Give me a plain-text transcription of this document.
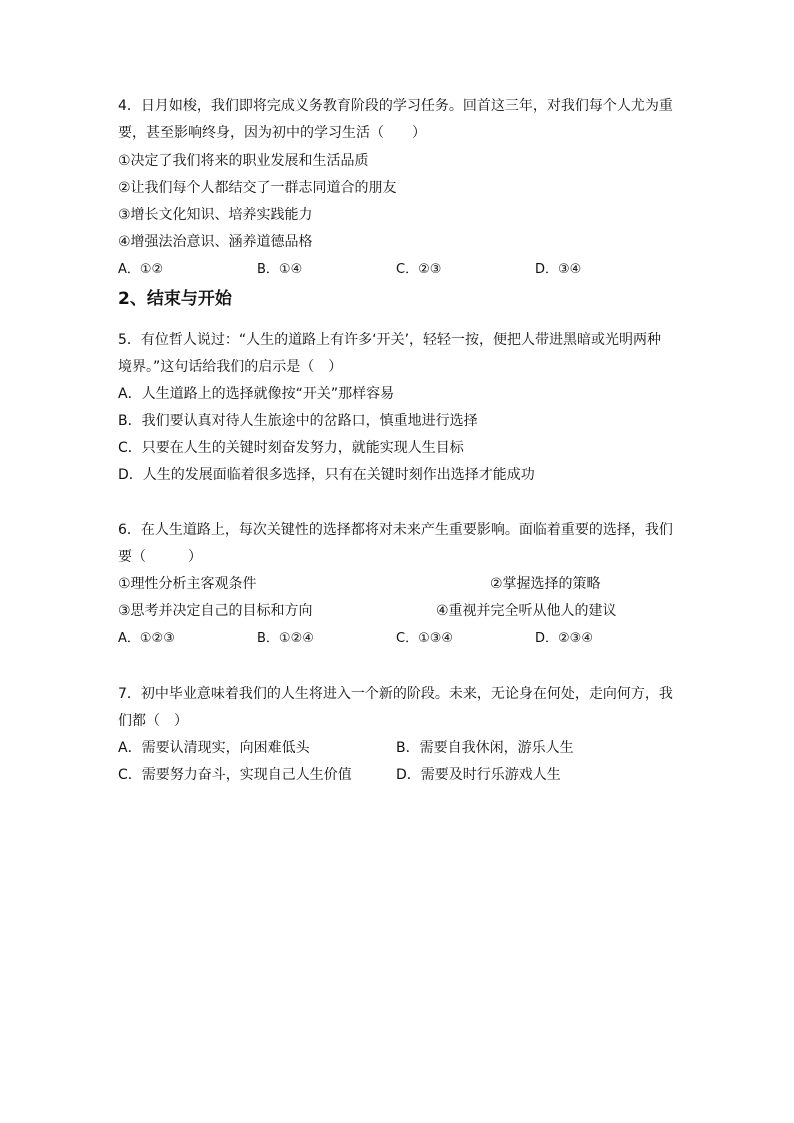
4．日月如梭，我们即将完成义务教育阶段的学习任务。回首这三年，对我们每个人尤为重
要，甚至影响终身，因为初中的学习生活（　　）
①决定了我们将来的职业发展和生活品质
②让我们每个人都结交了一群志同道合的朋友
③增长文化知识、培养实践能力
④增强法治意识、涵养道德品格
A．①②	B．①④	C．②③	D．③④
2、结束与开始
5．有位哲人说过：“人生的道路上有许多‘开关’，轻轻一按，便把人带进黑暗或光明两种
境界。”这句话给我们的启示是（　）
A．人生道路上的选择就像按“开关”那样容易
B．我们要认真对待人生旅途中的岔路口，慎重地进行选择
C．只要在人生的关键时刻奋发努力，就能实现人生目标
D．人生的发展面临着很多选择，只有在关键时刻作出选择才能成功
6．在人生道路上，每次关键性的选择都将对未来产生重要影响。面临着重要的选择，我们
要（　　　）
①理性分析主客观条件	②掌握选择的策略
③思考并决定自己的目标和方向	④重视并完全听从他人的建议
A．①②③	B．①②④	C．①③④	D．②③④
7．初中毕业意味着我们的人生将进入一个新的阶段。未来，无论身在何处，走向何方，我
们都（　）
A．需要认清现实，向困难低头	B．需要自我休闲，游乐人生
C．需要努力奋斗，实现自己人生价值	D．需要及时行乐游戏人生
